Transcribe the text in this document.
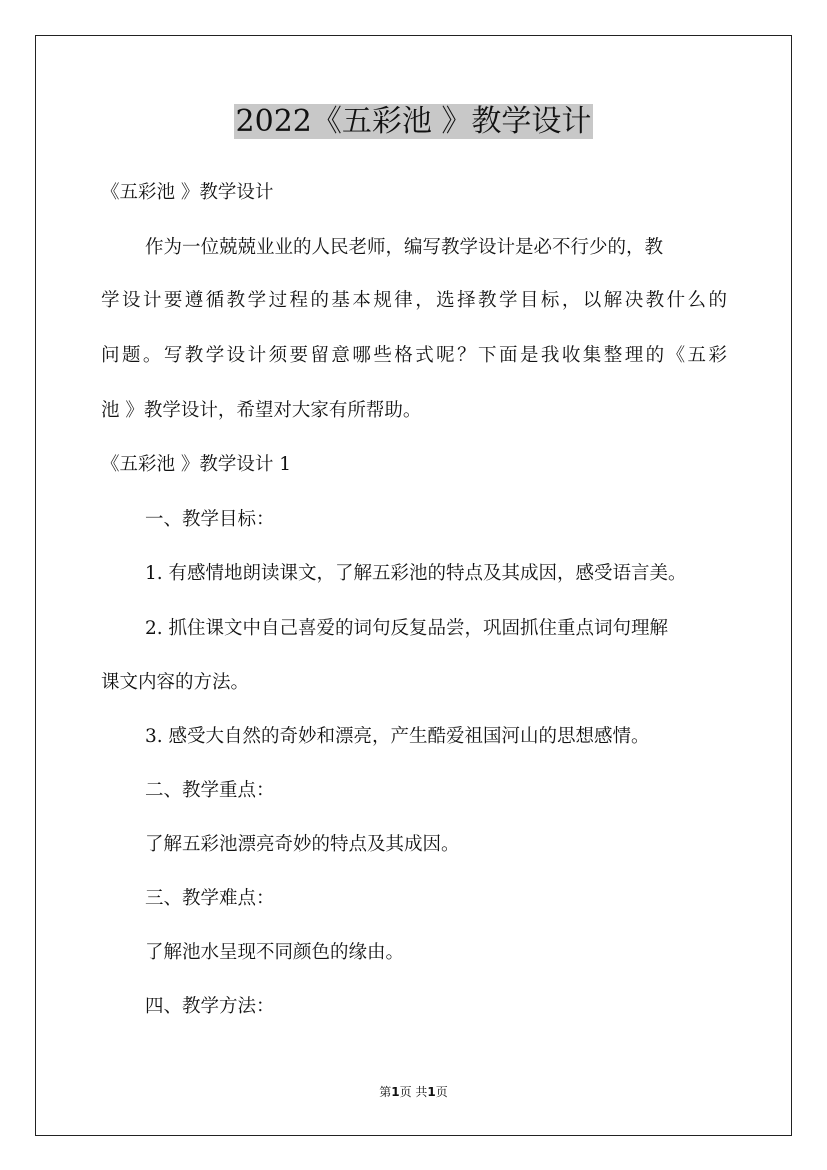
2022《五彩池 》教学设计
《五彩池 》教学设计
作为一位兢兢业业的人民老师，编写教学设计是必不行少的，教
学设计要遵循教学过程的基本规律，选择教学目标，以解决教什么的
问题。写教学设计须要留意哪些格式呢？下面是我收集整理的《五彩
池 》教学设计，希望对大家有所帮助。
《五彩池 》教学设计 1
一、教学目标：
1. 有感情地朗读课文，了解五彩池的特点及其成因，感受语言美。
2. 抓住课文中自己喜爱的词句反复品尝，巩固抓住重点词句理解
课文内容的方法。
3. 感受大自然的奇妙和漂亮，产生酷爱祖国河山的思想感情。
二、教学重点：
了解五彩池漂亮奇妙的特点及其成因。
三、教学难点：
了解池水呈现不同颜色的缘由。
四、教学方法：
第1页 共1页
